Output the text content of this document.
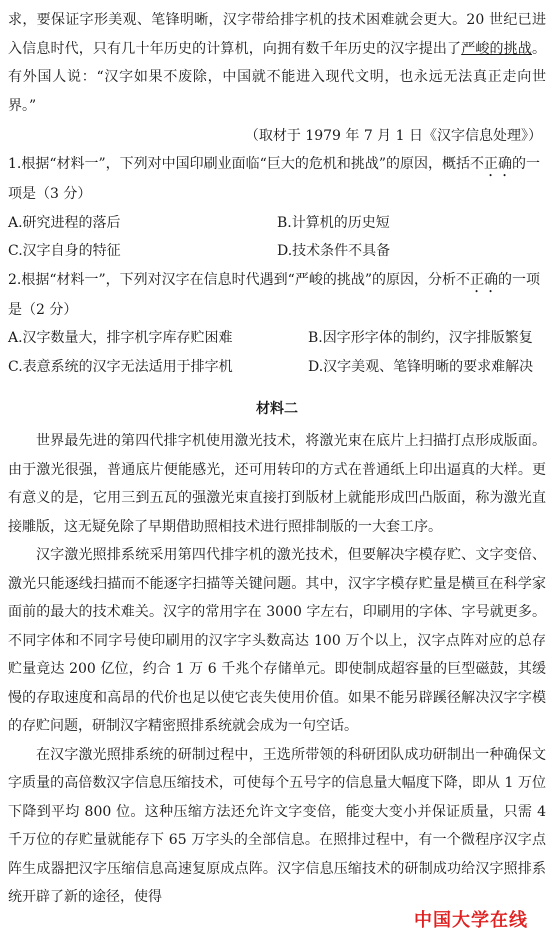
求，要保证字形美观、笔锋明晰，汉字带给排字机的技术困难就会更大。20 世纪已进入信息时代，只有几十年历史的计算机，向拥有数千年历史的汉字提出了严峻的挑战。有外国人说：“汉字如果不废除，中国就不能进入现代文明，也永远无法真正走向世界。”

（取材于 1979 年 7 月 1 日《汉字信息处理》）

1.根据“材料一”，下列对中国印刷业面临“巨大的危机和挑战”的原因，概括不正确的一项是（3 分）

A.研究进程的落后	B.计算机的历史短
C.汉字自身的特征	D.技术条件不具备

2.根据“材料一”，下列对汉字在信息时代遇到“严峻的挑战”的原因，分析不正确的一项是（2 分）

A.汉字数量大，排字机字库存贮困难	B.因字形字体的制约，汉字排版繁复
C.表意系统的汉字无法适用于排字机	D.汉字美观、笔锋明晰的要求难解决
材料二

世界最先进的第四代排字机使用激光技术，将激光束在底片上扫描打点形成版面。由于激光很强，普通底片便能感光，还可用转印的方式在普通纸上印出逼真的大样。更有意义的是，它用三到五瓦的强激光束直接打到版材上就能形成凹凸版面，称为激光直接雕版，这无疑免除了早期借助照相技术进行照排制版的一大套工序。

汉字激光照排系统采用第四代排字机的激光技术，但要解决字模存贮、文字变倍、激光只能逐线扫描而不能逐字扫描等关键问题。其中，汉字字模存贮量是横亘在科学家面前的最大的技术难关。汉字的常用字在 3000 字左右，印刷用的字体、字号就更多。不同字体和不同字号使印刷用的汉字字头数高达 100 万个以上，汉字点阵对应的总存贮量竟达 200 亿位，约合 1 万 6 千兆个存储单元。即使制成超容量的巨型磁鼓，其缓慢的存取速度和高昂的代价也足以使它丧失使用价值。如果不能另辟蹊径解决汉字字模的存贮问题，研制汉字精密照排系统就会成为一句空话。

在汉字激光照排系统的研制过程中，王选所带领的科研团队成功研制出一种确保文字质量的高倍数汉字信息压缩技术，可使每个五号字的信息量大幅度下降，即从 1 万位下降到平均 800 位。这种压缩方法还允许文字变倍，能变大变小并保证质量，只需 4 千万位的存贮量就能存下 65 万字头的全部信息。在照排过程中，有一个微程序汉字点阵生成器把汉字压缩信息高速复原成点阵。汉字信息压缩技术的研制成功给汉字照排系统开辟了新的途径，使得

中国大学在线
